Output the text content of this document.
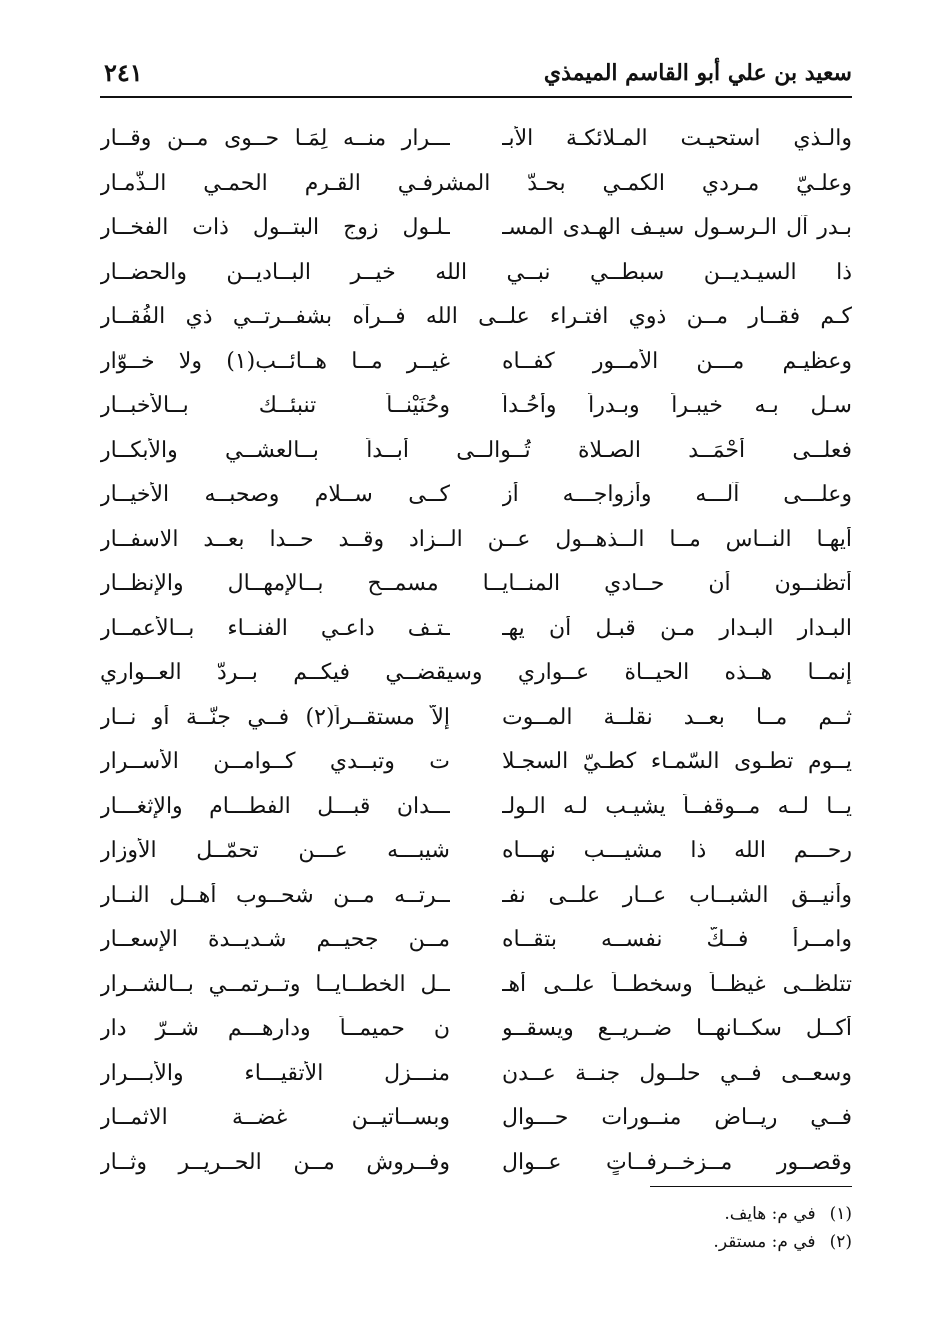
سعيد بن علي أبو القاسم الميمذي
٢٤١
والـذي استحيـت المـلائكـة الأبـ
ـــرار منــه لِمَـا حــوى مــن وقــار
وعلـيّ مـردي الكمـي بحـدّ المشرفـي القـرم الحمـي الـذّمـار
بـدر آل الـرسـول سيـف الهـدى المسـ
ـلـول زوج البتــول ذات الفخــار
ذا السيـديــن سبطــي نبــي الله خيــر البــاديــن والحضــار
كـم فقــار مــن ذوي افتـراء علــى الله فــرآه بشفــرتــي ذي الفُقــار
وعظيـم مـــن الأمــور كفــاه
غيــر مــا هــائــب(١) ولا خــوّار
سـل بـه خيبـراً وبـدراً وأُحُـداً
وحُنَيْنــاً تنبئــك بــالأخبــار
فعلــى أحْمَــد الصـلاة تُــوالــى أبــداً بــالعشــي والأبكــار
وعلـــى آلـــه وأزواجـــه أز
كــى ســلام وصحبــه الأخيــار
أيهـا النــاس مــا الــذهــول عــن الــزاد وقــد حــدا بعــد الاسفــار
أتظنــون أن حــادي المنــايــا مسمــح بــالإمهــال والإنظــار
البـدار البـدار مـن قبـل أن يهـ
ـتـف داعـي الفنــاء بــالأعمــار
إنمــا هــذه الحيــاة عــواري وسيقضــي فيكــم بــردّ العــواري
ثــم مــا بعــد نقلــة المــوت
إلاّ مستقــراً(٢) فــي جنّــة أو نــار
يــوم تطـوى السّمـاء كطـيّ السجـلا
ت وتبــدي كــوامــن الأســرار
يــا لــه مــوقفــاً يشيـب لـه الـولـ
ـــدان قبـــل الفطـــام والإثغـــار
رحـــم الله ذا مشيـــب نهـــاه
شيبـــه عـــن تحمّــل الأوزار
وأنيــق الشبــاب عــار علــى نفـ
ــرتــه مــن شحــوب أهــل النــار
وامــرأ فــكّ نفســه بتقــاه
مــن جحيــم شـديــدة الإسعــار
تتلظــى غيظــاً وسخطــاً علــى أهـ
ــل الخطــايــا وتــرتمــي بــالشــرار
أكــل سكــانهــا ضــريــع ويسقــو
ن حميمــاً ودارهـــم شــرّ دار
وسعــى فــي حلــول جنــة عــدن
منـــزل الأتقيـــاء والأبـــرار
فــي ريــاض منــورات حـــوال
وبســاتيــن غضــة الاثمــار
وقصــور مــزخــرفــاتٍ عــوال
وفــروش مــن الحــريــر وثــار
(١)في م: هايف.
(٢)في م: مستقر.
